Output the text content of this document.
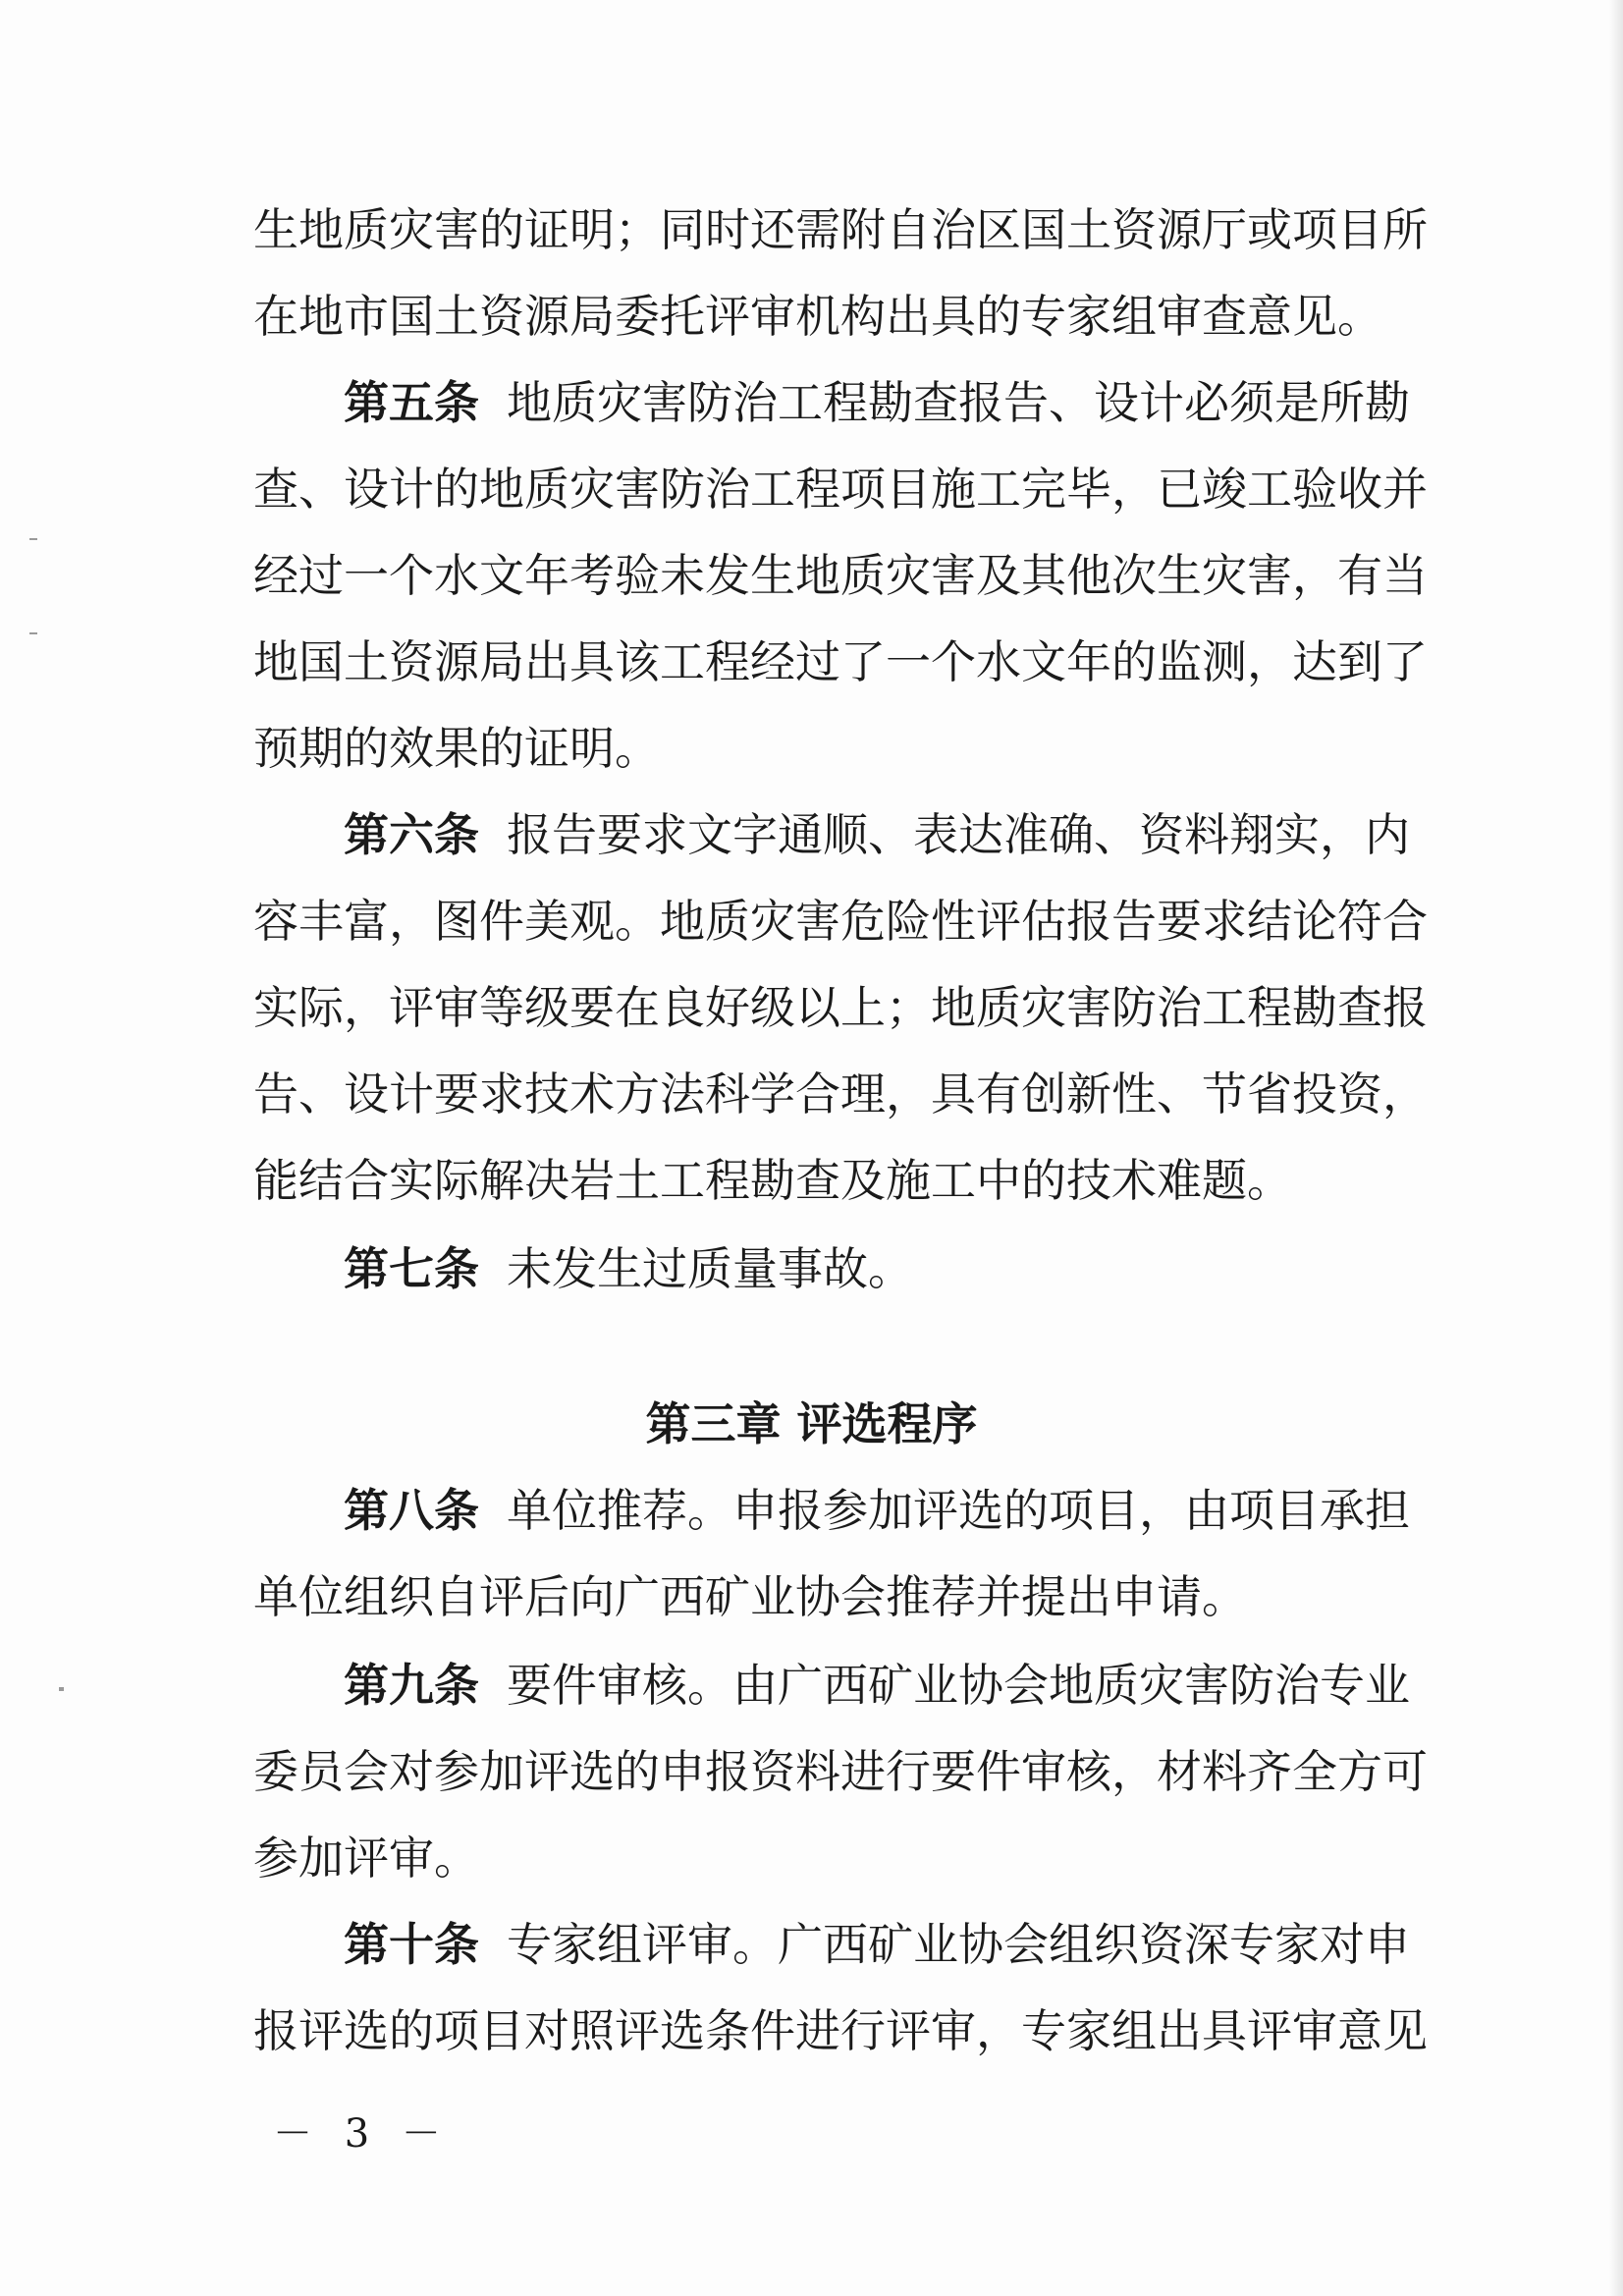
生地质灾害的证明；同时还需附自治区国土资源厅或项目所
在地市国土资源局委托评审机构出具的专家组审查意见。
第五条 地质灾害防治工程勘查报告、设计必须是所勘
查、设计的地质灾害防治工程项目施工完毕，已竣工验收并
经过一个水文年考验未发生地质灾害及其他次生灾害，有当
地国土资源局出具该工程经过了一个水文年的监测，达到了
预期的效果的证明。
第六条 报告要求文字通顺、表达准确、资料翔实，内
容丰富，图件美观。地质灾害危险性评估报告要求结论符合
实际，评审等级要在良好级以上；地质灾害防治工程勘查报
告、设计要求技术方法科学合理，具有创新性、节省投资，
能结合实际解决岩土工程勘查及施工中的技术难题。
第七条 未发生过质量事故。
第三章 评选程序
第八条 单位推荐。申报参加评选的项目，由项目承担
单位组织自评后向广西矿业协会推荐并提出申请。
第九条 要件审核。由广西矿业协会地质灾害防治专业
委员会对参加评选的申报资料进行要件审核，材料齐全方可
参加评审。
第十条 专家组评审。广西矿业协会组织资深专家对申
报评选的项目对照评选条件进行评审，专家组出具评审意见
－ 3 －
